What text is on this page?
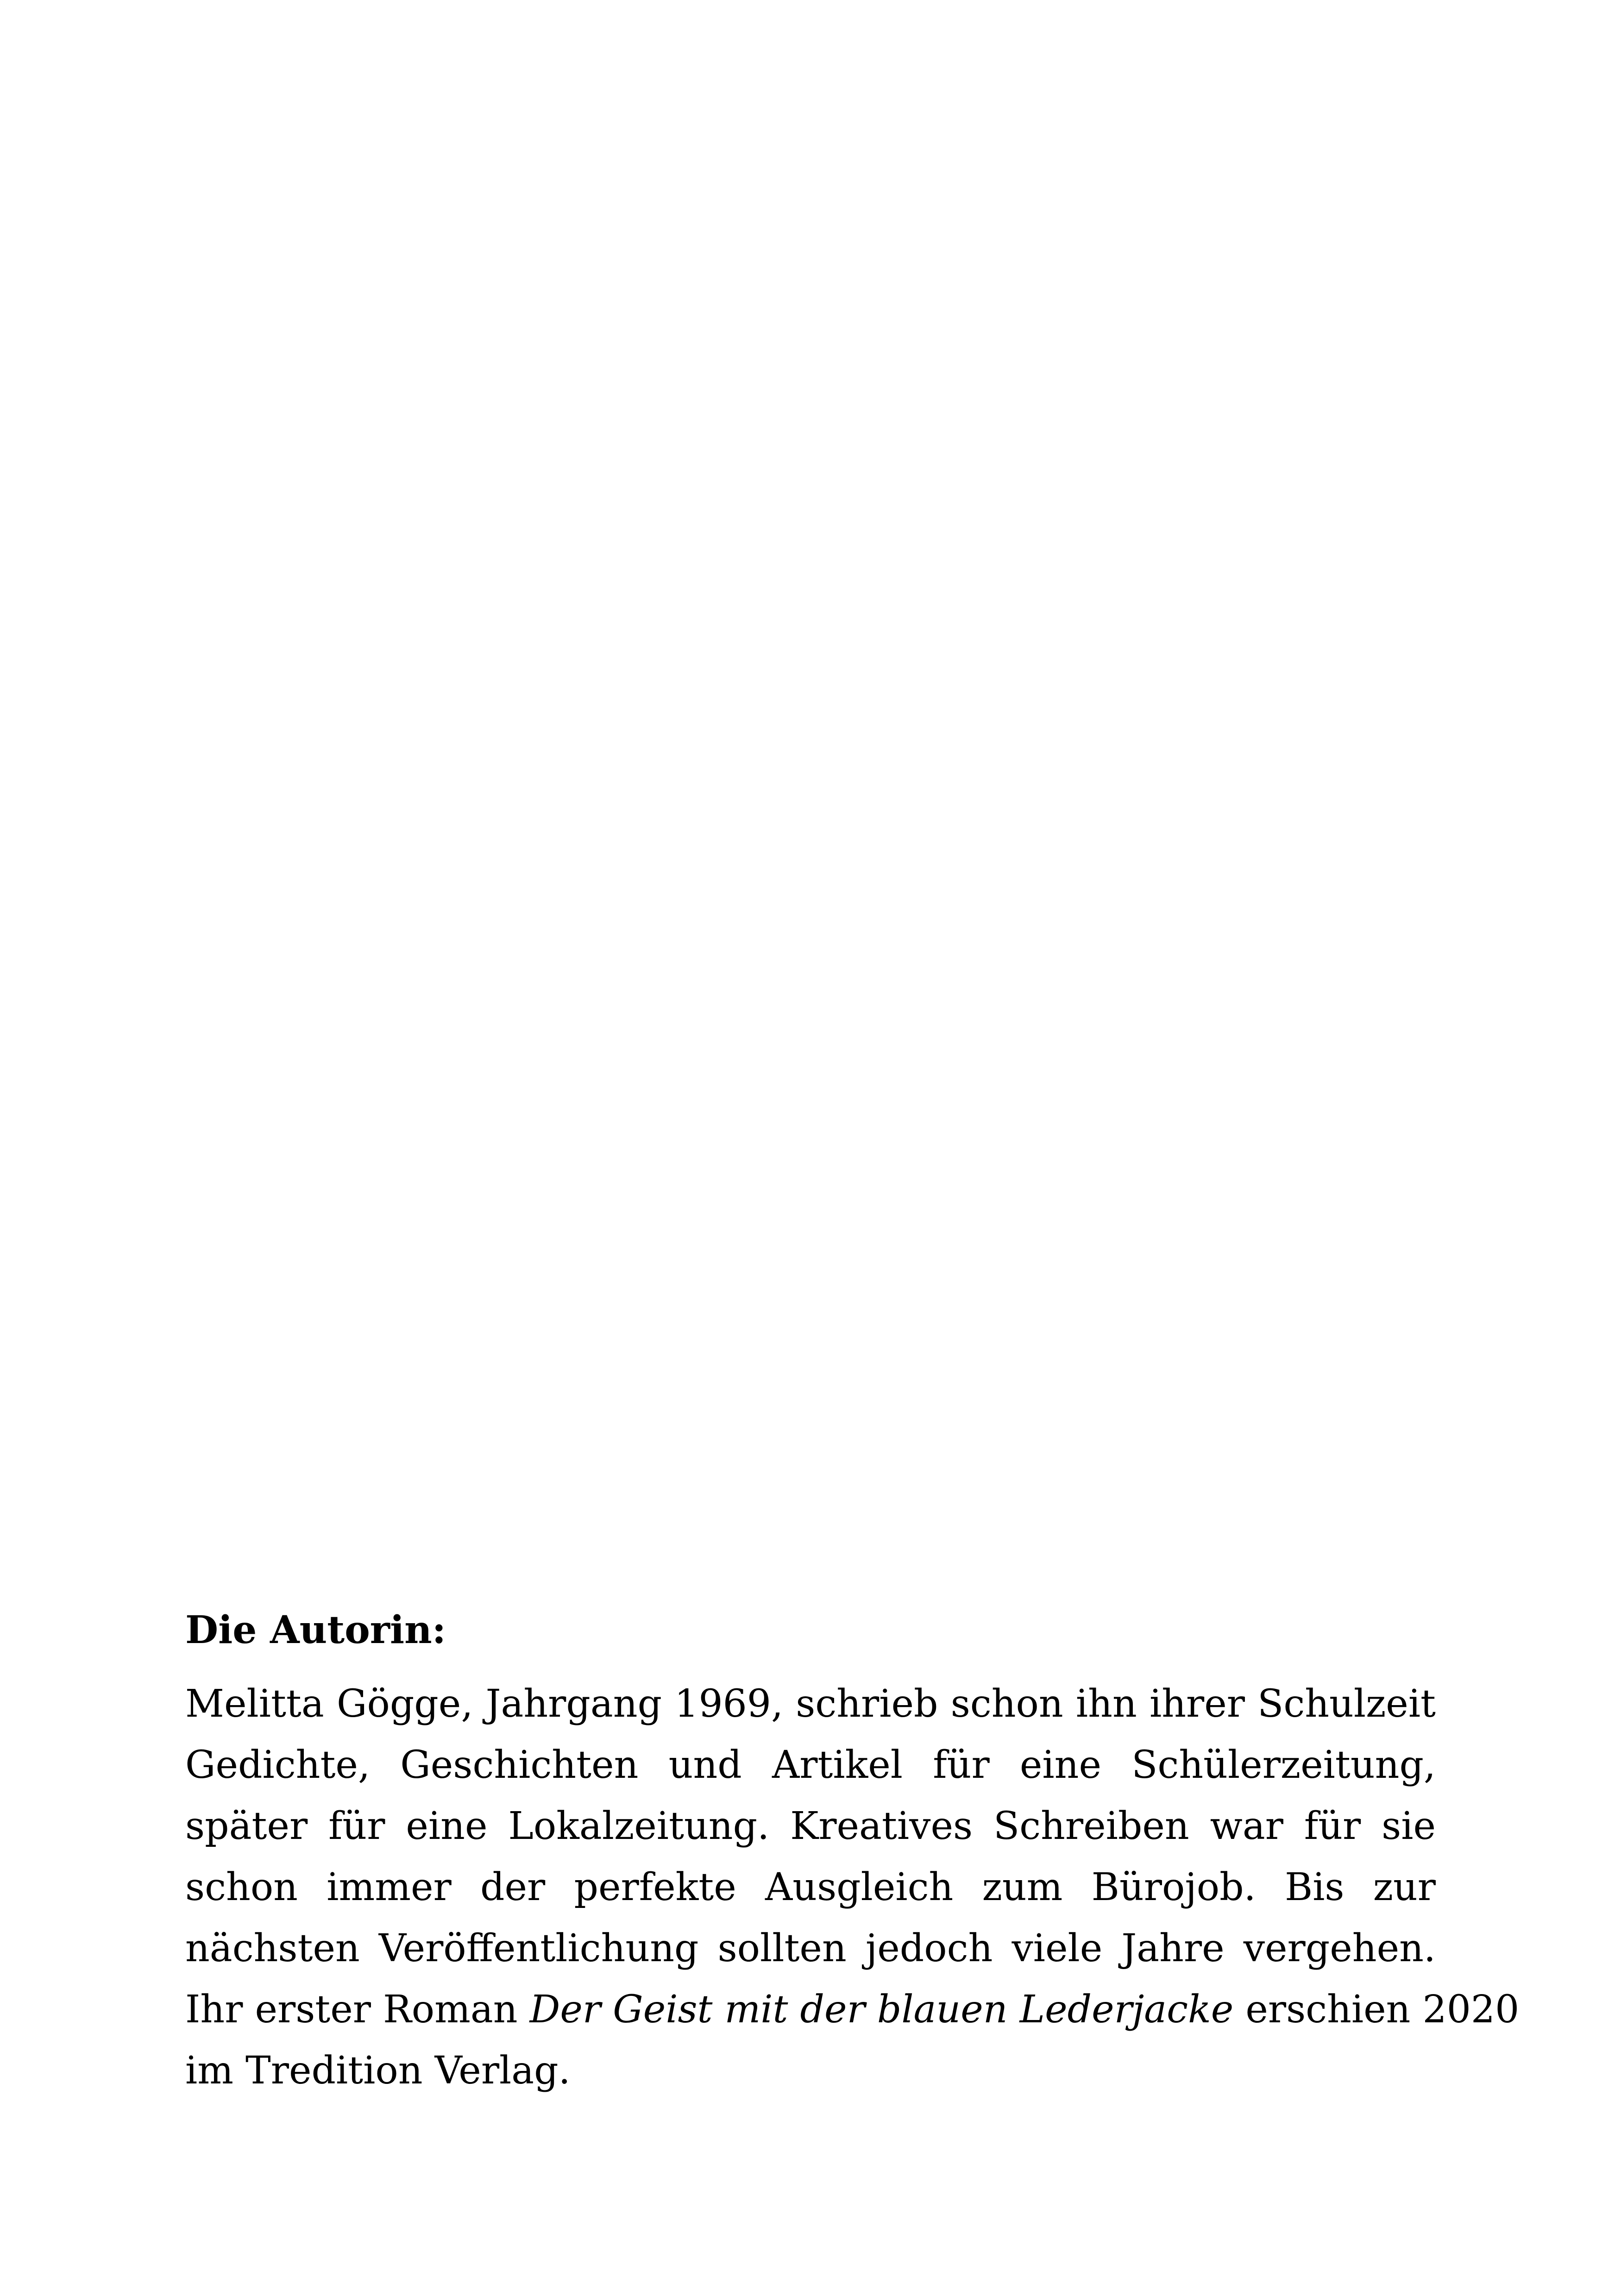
Die Autorin:
Melitta Gögge, Jahrgang 1969, schrieb schon ihn ihrer Schulzeit
Gedichte, Geschichten und Artikel für eine Schülerzeitung,
später für eine Lokalzeitung. Kreatives Schreiben war für sie
schon immer der perfekte Ausgleich zum Bürojob. Bis zur
nächsten Veröffentlichung sollten jedoch viele Jahre vergehen.
Ihr erster Roman Der Geist mit der blauen Lederjacke erschien 2020
im Tredition Verlag.
